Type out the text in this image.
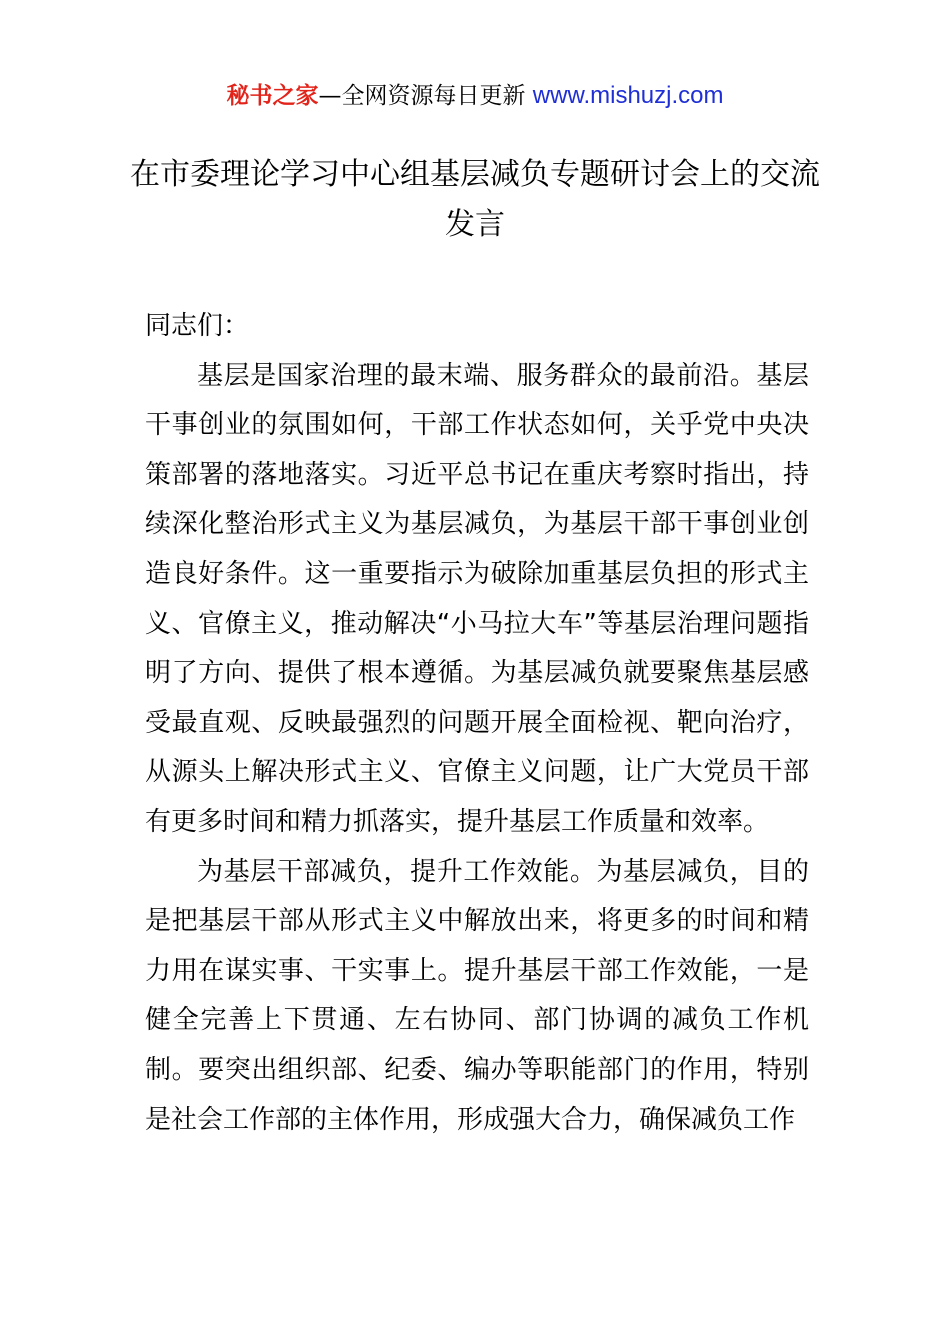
秘书之家—全网资源每日更新 www.mishuzj.com
在市委理论学习中心组基层减负专题研讨会上的交流发言

同志们：

基层是国家治理的最末端、服务群众的最前沿。基层干事创业的氛围如何，干部工作状态如何，关乎党中央决策部署的落地落实。习近平总书记在重庆考察时指出，持续深化整治形式主义为基层减负，为基层干部干事创业创造良好条件。这一重要指示为破除加重基层负担的形式主义、官僚主义，推动解决“小马拉大车”等基层治理问题指明了方向、提供了根本遵循。为基层减负就要聚焦基层感受最直观、反映最强烈的问题开展全面检视、靶向治疗，从源头上解决形式主义、官僚主义问题，让广大党员干部有更多时间和精力抓落实，提升基层工作质量和效率。

为基层干部减负，提升工作效能。为基层减负，目的是把基层干部从形式主义中解放出来，将更多的时间和精力用在谋实事、干实事上。提升基层干部工作效能，一是健全完善上下贯通、左右协同、部门协调的减负工作机制。要突出组织部、纪委、编办等职能部门的作用，特别是社会工作部的主体作用，形成强大合力，确保减负工作
